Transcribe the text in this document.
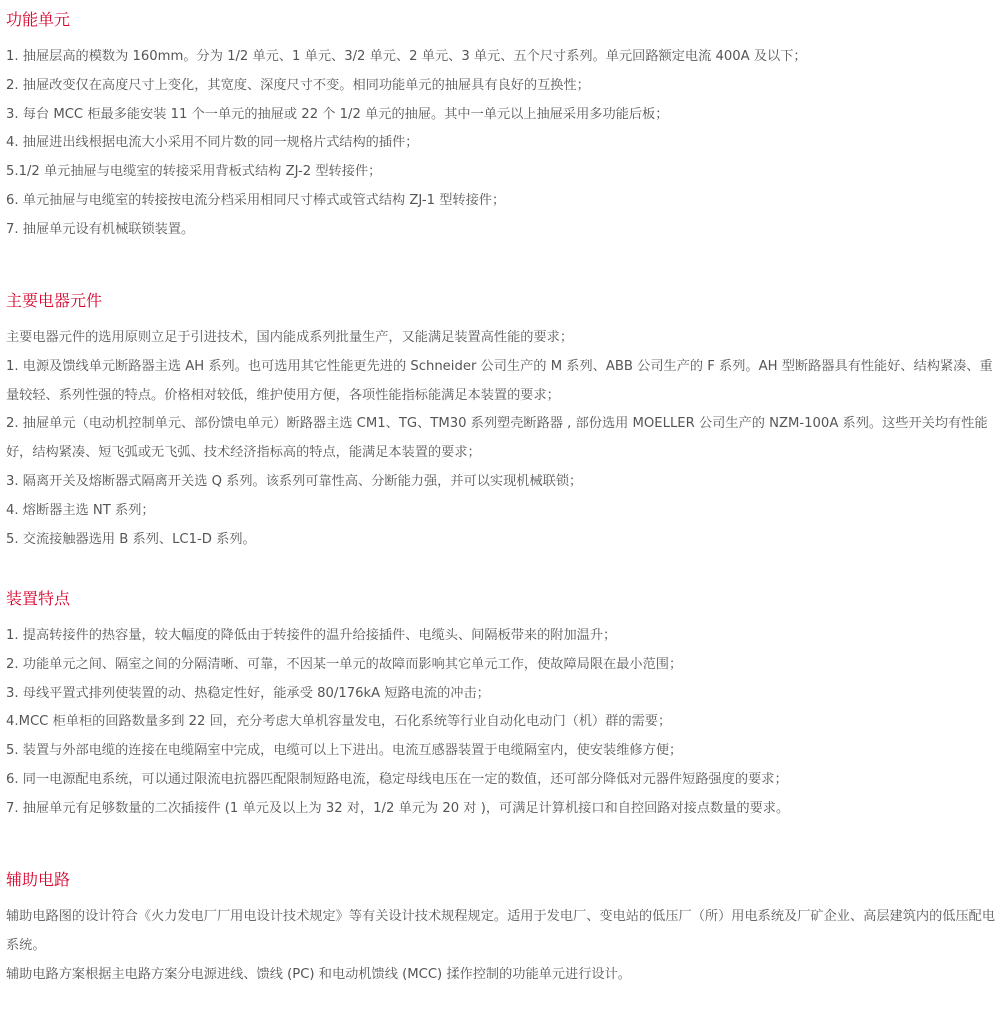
功能单元
1. 抽屉层高的模数为 160mm。分为 1/2 单元、1 单元、3/2 单元、2 单元、3 单元、五个尺寸系列。单元回路额定电流 400A 及以下；
2. 抽屉改变仅在高度尺寸上变化，其宽度、深度尺寸不变。相同功能单元的抽屉具有良好的互换性；
3. 每台 MCC 柜最多能安装 11 个一单元的抽屉或 22 个 1/2 单元的抽屉。其中一单元以上抽屉采用多功能后板；
4. 抽屉进出线根据电流大小采用不同片数的同一规格片式结构的插件；
5.1/2 单元抽屉与电缆室的转接采用背板式结构 ZJ-2 型转接件；
6. 单元抽屉与电缆室的转接按电流分档采用相同尺寸棒式或管式结构 ZJ-1 型转接件；
7. 抽屉单元设有机械联锁装置。
主要电器元件
主要电器元件的选用原则立足于引进技术，国内能成系列批量生产，又能满足装置高性能的要求；
1. 电源及馈线单元断路器主选 AH 系列。也可选用其它性能更先进的 Schneider 公司生产的 M 系列、ABB 公司生产的 F 系列。AH 型断路器具有性能好、结构紧凑、重量较轻、系列性强的特点。价格相对较低，维护使用方便，各项性能指标能满足本装置的要求；
2. 抽屉单元（电动机控制单元、部份馈电单元）断路器主选 CM1、TG、TM30 系列塑壳断路器 , 部份选用 MOELLER 公司生产的 NZM-100A 系列。这些开关均有性能好，结构紧凑、短飞弧或无飞弧、技术经济指标高的特点，能满足本装置的要求；
3. 隔离开关及熔断器式隔离开关选 Q 系列。该系列可靠性高、分断能力强，并可以实现机械联锁；
4. 熔断器主选 NT 系列；
5. 交流接触器选用 B 系列、LC1-D 系列。
装置特点
1. 提高转接件的热容量，较大幅度的降低由于转接件的温升给接插件、电缆头、间隔板带来的附加温升；
2. 功能单元之间、隔室之间的分隔清晰、可靠，不因某一单元的故障而影响其它单元工作，使故障局限在最小范围；
3. 母线平置式排列使装置的动、热稳定性好，能承受 80/176kA 短路电流的冲击；
4.MCC 柜单柜的回路数量多到 22 回，充分考虑大单机容量发电，石化系统等行业自动化电动门（机）群的需要；
5. 装置与外部电缆的连接在电缆隔室中完成，电缆可以上下进出。电流互感器装置于电缆隔室内，使安装维修方便；
6. 同一电源配电系统，可以通过限流电抗器匹配限制短路电流，稳定母线电压在一定的数值，还可部分降低对元器件短路强度的要求；
7. 抽屉单元有足够数量的二次插接件 (1 单元及以上为 32 对，1/2 单元为 20 对 )，可满足计算机接口和自控回路对接点数量的要求。
辅助电路
辅助电路图的设计符合《火力发电厂厂用电设计技术规定》等有关设计技术规程规定。适用于发电厂、变电站的低压厂（所）用电系统及厂矿企业、高层建筑内的低压配电系统。
辅助电路方案根据主电路方案分电源进线、馈线 (PC) 和电动机馈线 (MCC) 揉作控制的功能单元进行设计。
